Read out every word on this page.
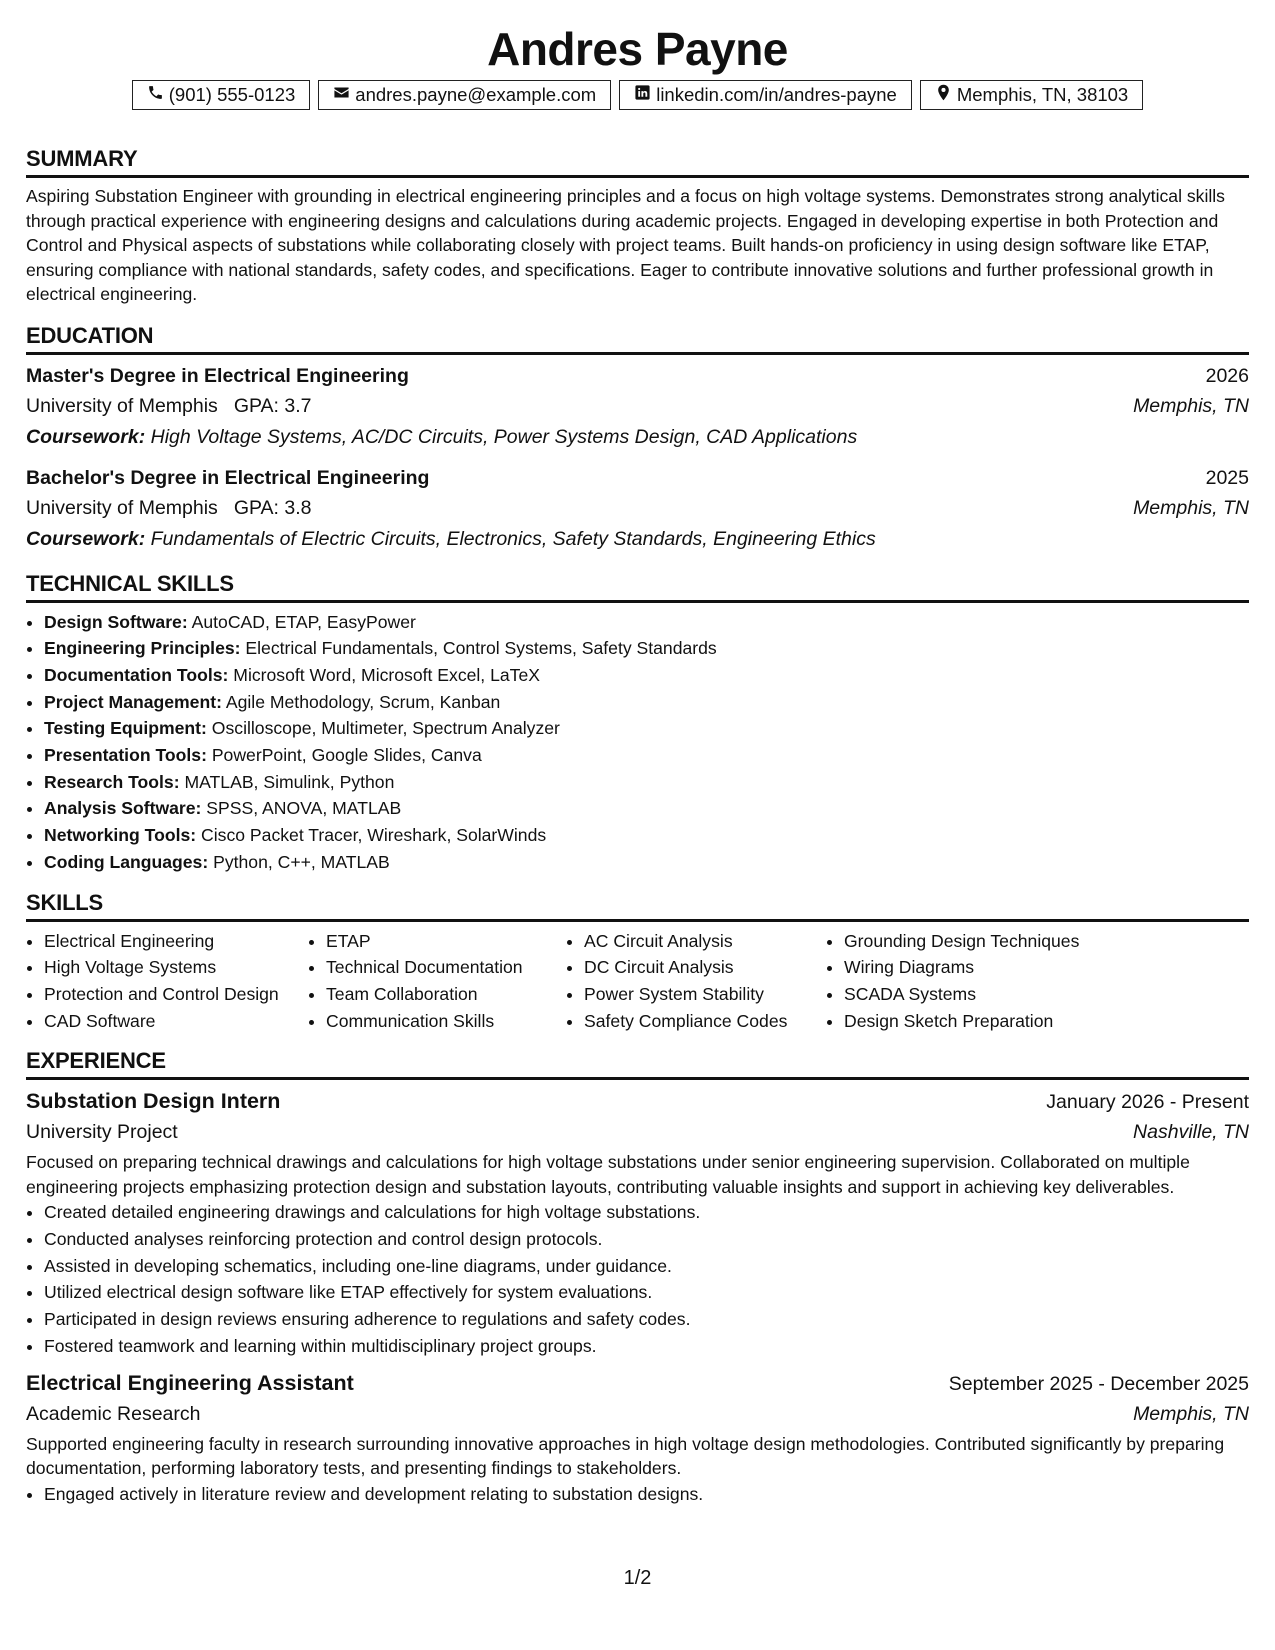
Andres Payne
(901) 555-0123	andres.payne@example.com	linkedin.com/in/andres-payne	Memphis, TN, 38103
SUMMARY
Aspiring Substation Engineer with grounding in electrical engineering principles and a focus on high voltage systems. Demonstrates strong analytical skills through practical experience with engineering designs and calculations during academic projects. Engaged in developing expertise in both Protection and Control and Physical aspects of substations while collaborating closely with project teams. Built hands-on proficiency in using design software like ETAP, ensuring compliance with national standards, safety codes, and specifications. Eager to contribute innovative solutions and further professional growth in electrical engineering.
EDUCATION
Master's Degree in Electrical Engineering	2026
University of Memphis GPA: 3.7	Memphis, TN
Coursework: High Voltage Systems, AC/DC Circuits, Power Systems Design, CAD Applications
Bachelor's Degree in Electrical Engineering	2025
University of Memphis GPA: 3.8	Memphis, TN
Coursework: Fundamentals of Electric Circuits, Electronics, Safety Standards, Engineering Ethics
TECHNICAL SKILLS
• Design Software: AutoCAD, ETAP, EasyPower
• Engineering Principles: Electrical Fundamentals, Control Systems, Safety Standards
• Documentation Tools: Microsoft Word, Microsoft Excel, LaTeX
• Project Management: Agile Methodology, Scrum, Kanban
• Testing Equipment: Oscilloscope, Multimeter, Spectrum Analyzer
• Presentation Tools: PowerPoint, Google Slides, Canva
• Research Tools: MATLAB, Simulink, Python
• Analysis Software: SPSS, ANOVA, MATLAB
• Networking Tools: Cisco Packet Tracer, Wireshark, SolarWinds
• Coding Languages: Python, C++, MATLAB
SKILLS
• Electrical Engineering
• High Voltage Systems
• Protection and Control Design
• CAD Software
• ETAP
• Technical Documentation
• Team Collaboration
• Communication Skills
• AC Circuit Analysis
• DC Circuit Analysis
• Power System Stability
• Safety Compliance Codes
• Grounding Design Techniques
• Wiring Diagrams
• SCADA Systems
• Design Sketch Preparation
EXPERIENCE
Substation Design Intern	January 2026 - Present
University Project	Nashville, TN
Focused on preparing technical drawings and calculations for high voltage substations under senior engineering supervision. Collaborated on multiple engineering projects emphasizing protection design and substation layouts, contributing valuable insights and support in achieving key deliverables.
• Created detailed engineering drawings and calculations for high voltage substations.
• Conducted analyses reinforcing protection and control design protocols.
• Assisted in developing schematics, including one-line diagrams, under guidance.
• Utilized electrical design software like ETAP effectively for system evaluations.
• Participated in design reviews ensuring adherence to regulations and safety codes.
• Fostered teamwork and learning within multidisciplinary project groups.
Electrical Engineering Assistant	September 2025 - December 2025
Academic Research	Memphis, TN
Supported engineering faculty in research surrounding innovative approaches in high voltage design methodologies. Contributed significantly by preparing documentation, performing laboratory tests, and presenting findings to stakeholders.
• Engaged actively in literature review and development relating to substation designs.
1/2
